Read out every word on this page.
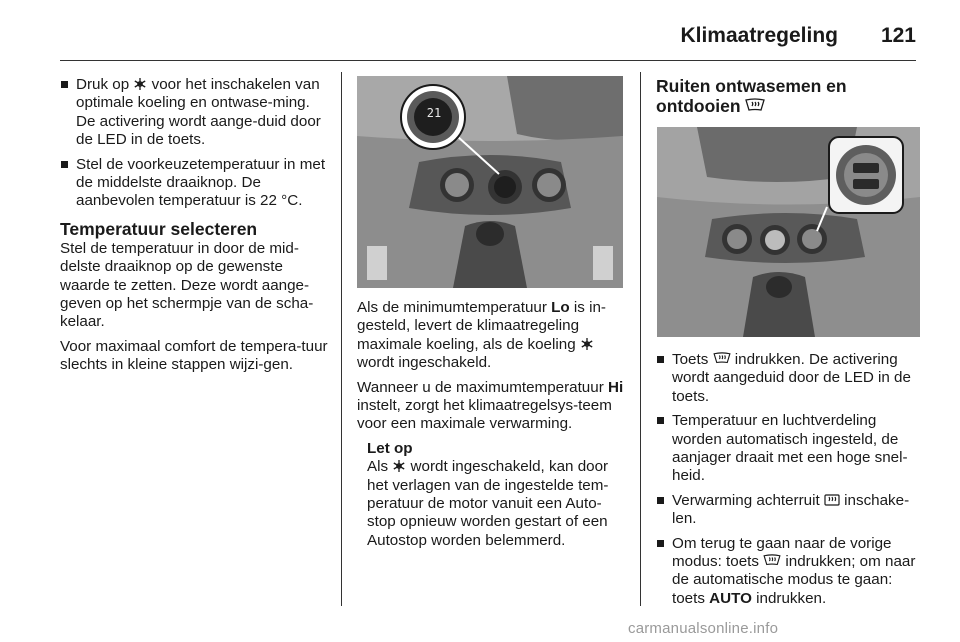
Klimaatregeling 121
Druk op  voor het inschakelen van optimale koeling en ontwase-ming. De activering wordt aange-duid door de LED in de toets.
Stel de voorkeuzetemperatuur in met de middelste draaiknop. De aanbevolen temperatuur is 22 °C.
Temperatuur selecteren

Stel de temperatuur in door de mid-delste draaiknop op de gewenste waarde te zetten. Deze wordt aange-geven op het schermpje van de scha-kelaar.

Voor maximaal comfort de tempera-tuur slechts in kleine stappen wijzi-gen.

21

Als de minimumtemperatuur Lo is in-gesteld, levert de klimaatregeling maximale koeling, als de koeling  wordt ingeschakeld.

Wanneer u de maximumtemperatuur Hi instelt, zorgt het klimaatregelsys-teem voor een maximale verwarming.

Let op
Als  wordt ingeschakeld, kan door het verlagen van de ingestelde tem-peratuur de motor vanuit een Auto-stop opnieuw worden gestart of een Autostop worden belemmerd.
Ruiten ontwasemen en
ontdooien
Toets  indrukken. De activering wordt aangeduid door de LED in de toets.
Temperatuur en luchtverdeling worden automatisch ingesteld, de aanjager draait met een hoge snel-heid.
Verwarming achterruit  inschake-len.
Om terug te gaan naar de vorige modus: toets  indrukken; om naar de automatische modus te gaan: toets AUTO indrukken.
carmanualsonline.info
